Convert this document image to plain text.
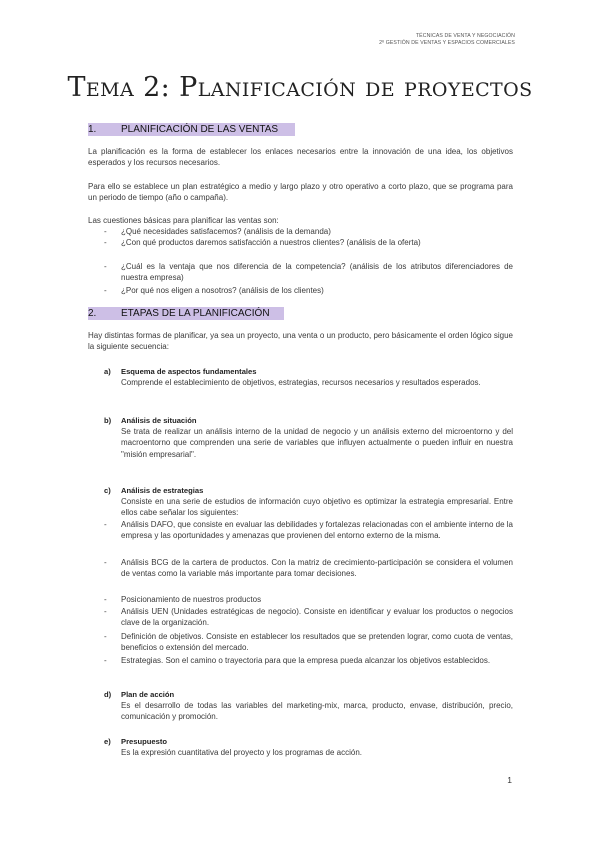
TÉCNICAS DE VENTA Y NEGOCIACIÓN
2º GESTIÓN DE VENTAS Y ESPACIOS COMERCIALES
Tema 2: Planificación de proyectos
1. PLANIFICACIÓN DE LAS VENTAS

La planificación es la forma de establecer los enlaces necesarios entre la innovación de una idea, los objetivos esperados y los recursos necesarios.

Para ello se establece un plan estratégico a medio y largo plazo y otro operativo a corto plazo, que se programa para un periodo de tiempo (año o campaña).

Las cuestiones básicas para planificar las ventas son:

- ¿Qué necesidades satisfacemos? (análisis de la demanda)

- ¿Con qué productos daremos satisfacción a nuestros clientes? (análisis de la oferta)

- ¿Cuál es la ventaja que nos diferencia de la competencia? (análisis de los atributos diferenciadores de nuestra empresa)

- ¿Por qué nos eligen a nosotros? (análisis de los clientes)

2. ETAPAS DE LA PLANIFICACIÓN

Hay distintas formas de planificar, ya sea un proyecto, una venta o un producto, pero básicamente el orden lógico sigue la siguiente secuencia:

a) Esquema de aspectos fundamentales

Comprende el establecimiento de objetivos, estrategias, recursos necesarios y resultados esperados.

b) Análisis de situación

Se trata de realizar un análisis interno de la unidad de negocio y un análisis externo del microentorno y del macroentorno que comprenden una serie de variables que influyen actualmente o pueden influir en nuestra "misión empresarial".

c) Análisis de estrategias

Consiste en una serie de estudios de información cuyo objetivo es optimizar la estrategia empresarial. Entre ellos cabe señalar los siguientes:

- Análisis DAFO, que consiste en evaluar las debilidades y fortalezas relacionadas con el ambiente interno de la empresa y las oportunidades y amenazas que provienen del entorno externo de la misma.

- Análisis BCG de la cartera de productos. Con la matriz de crecimiento-participación se considera el volumen de ventas como la variable más importante para tomar decisiones.

- Posicionamiento de nuestros productos

- Análisis UEN (Unidades estratégicas de negocio). Consiste en identificar y evaluar los productos o negocios clave de la organización.

- Definición de objetivos. Consiste en establecer los resultados que se pretenden lograr, como cuota de ventas, beneficios o extensión del mercado.

- Estrategias. Son el camino o trayectoria para que la empresa pueda alcanzar los objetivos establecidos.

d) Plan de acción

Es el desarrollo de todas las variables del marketing-mix, marca, producto, envase, distribución, precio, comunicación y promoción.

e) Presupuesto

Es la expresión cuantitativa del proyecto y los programas de acción.

1
